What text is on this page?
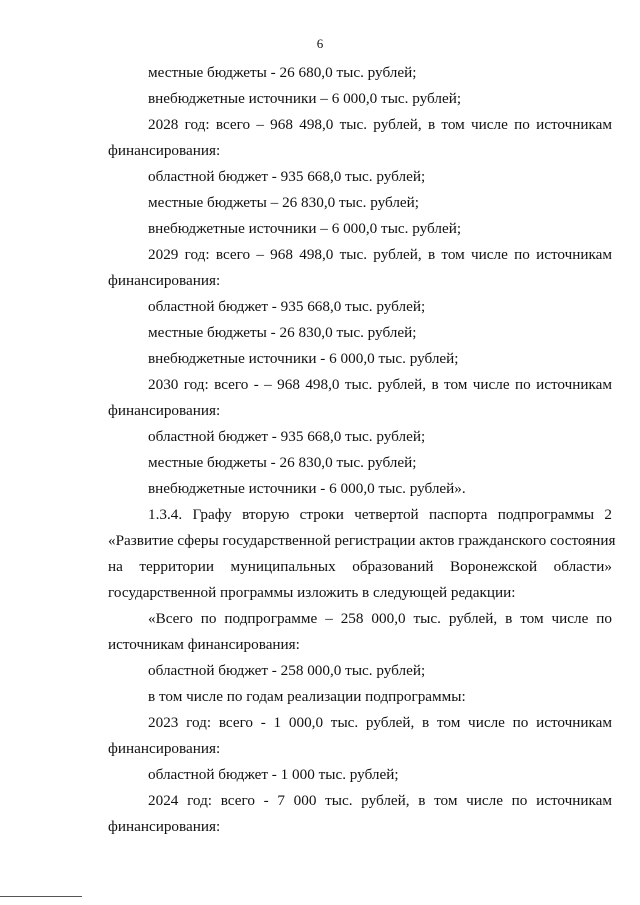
6
местные бюджеты - 26 680,0 тыс. рублей;
внебюджетные источники – 6 000,0 тыс. рублей;
2028 год: всего – 968 498,0 тыс. рублей, в том числе по источникам
финансирования:
областной бюджет - 935 668,0 тыс. рублей;
местные бюджеты – 26 830,0 тыс. рублей;
внебюджетные источники – 6 000,0 тыс. рублей;
2029 год: всего – 968 498,0 тыс. рублей, в том числе по источникам
финансирования:
областной бюджет - 935 668,0 тыс. рублей;
местные бюджеты - 26 830,0 тыс. рублей;
внебюджетные источники - 6 000,0 тыс. рублей;
2030 год: всего - – 968 498,0 тыс. рублей, в том числе по источникам
финансирования:
областной бюджет - 935 668,0 тыс. рублей;
местные бюджеты - 26 830,0 тыс. рублей;
внебюджетные источники - 6 000,0 тыс. рублей».
1.3.4. Графу вторую строки четвертой паспорта подпрограммы 2
«Развитие сферы государственной регистрации актов гражданского состояния
на территории муниципальных образований Воронежской области»
государственной программы изложить в следующей редакции:
«Всего по подпрограмме – 258 000,0 тыс. рублей, в том числе по
источникам финансирования:
областной бюджет - 258 000,0 тыс. рублей;
в том числе по годам реализации подпрограммы:
2023 год: всего - 1 000,0 тыс. рублей, в том числе по источникам
финансирования:
областной бюджет - 1 000 тыс. рублей;
2024 год: всего - 7 000 тыс. рублей, в том числе по источникам
финансирования:
